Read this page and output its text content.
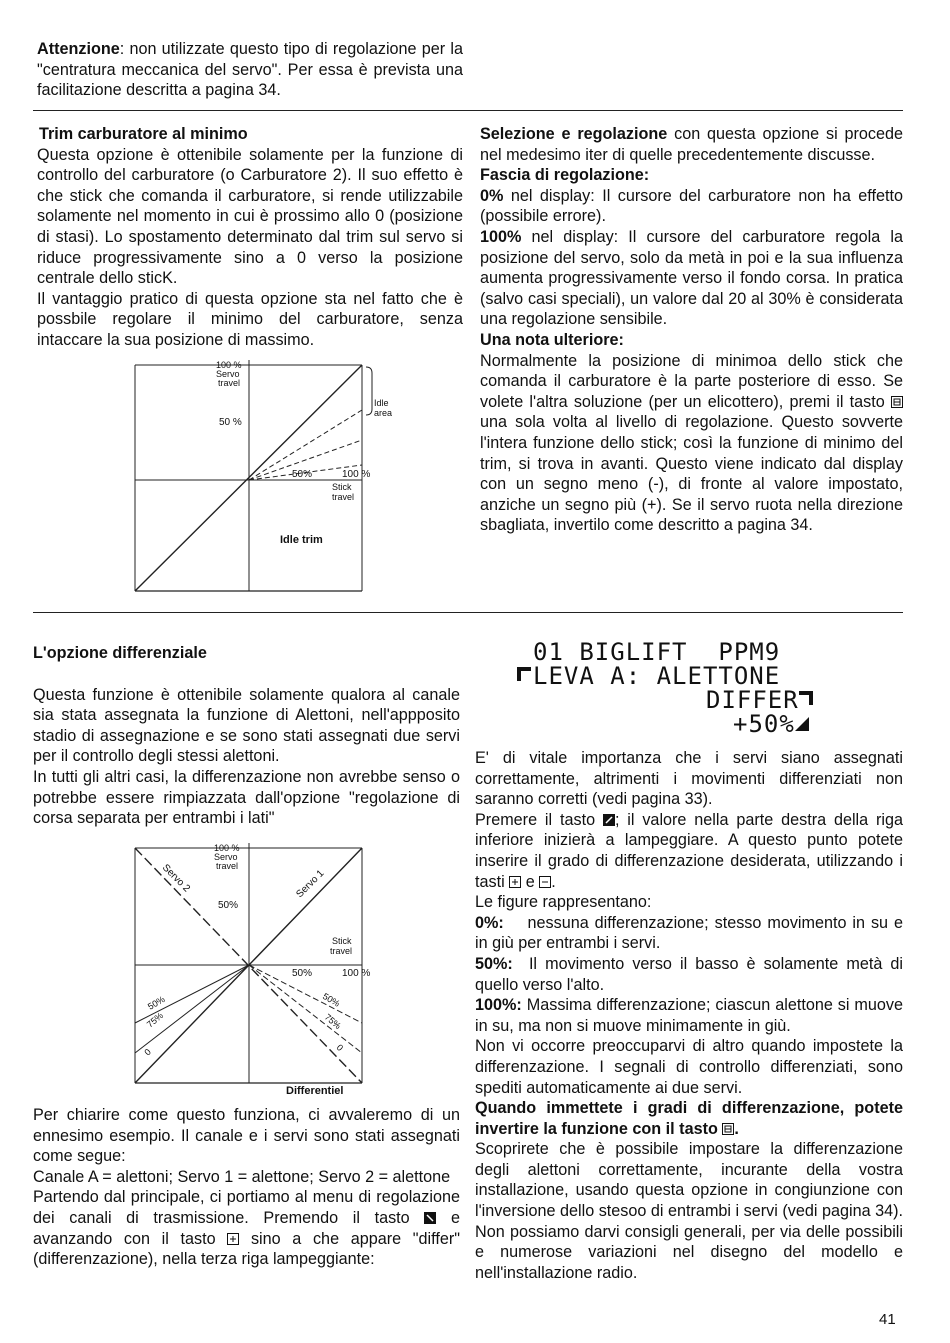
Attenzione: non utilizzate questo tipo di regolazione per la "centratura meccanica del servo". Per essa è prevista una facilitazione descritta a pagina 34.

Trim carburatore al minimo

Questa opzione è ottenibile solamente per la funzione di controllo del carburatore (o Carburatore 2). Il suo effetto è che stick che comanda il carburatore, si rende utilizzabile solamente nel momento in cui è prossimo allo 0 (posizione di stasi). Lo spostamento determinato dal trim sul servo si riduce progressivamente sino a 0 verso la posizione centrale dello sticK.

Il vantaggio pratico di questa opzione sta nel fatto che è possbile regolare il minimo del carburatore, senza intaccare la sua posizione di massimo.

100 %
Servo
travel
50 %
Idle
area
50%	100 %
Stick
travel
Idle trim

Selezione e regolazione con questa opzione si procede nel medesimo iter di quelle precedentemente discusse.

Fascia di regolazione:

0% nel display: Il cursore del carburatore non ha effetto (possibile errore).

100% nel display: Il cursore del carburatore regola la posizione del servo, solo da metà in poi e la sua influenza aumenta progressivamente verso il fondo corsa. In pratica (salvo casi speciali), un valore dal 20 al 30% è considerata una regolazione sensibile.

Una nota ulteriore:

Normalmente la posizione di minimoa dello stick che comanda il carburatore è la parte posteriore di esso. Se volete l'altra soluzione (per un elicottero), premi il tasto  una sola volta al livello di regolazione. Questo sovverte l'intera funzione dello stick; così la funzione di minimo del trim, si trova in avanti. Questo viene indicato dal display con un segno meno (-), di fronte al valore impostato, anziche un segno più (+). Se il servo ruota nella direzione sbagliata, invertilo come descritto a pagina 34.

L'opzione differenziale

Questa funzione è ottenibile solamente qualora al canale sia stata assegnata la funzione di Alettoni, nell'appposito stadio di assegnazione e se sono stati assegnati due servi per il controllo degli stessi alettoni.

In tutti gli altri casi, la differenzazione non avrebbe senso o potrebbe essere rimpiazzata dall'opzione "regolazione di corsa separata per entrambi i lati"

100 %
Servo
travel
50%
Stick
travel
50%	100 %
Servo 1
Servo 2
50%
75%
0
50%
75%
0
Differentiel

Per chiarire come questo funziona, ci avvaleremo di un ennesimo esempio. Il canale e i servi sono stati assegnati come segue:

Canale A = alettoni; Servo 1 = alettone; Servo 2 = alettone

Partendo dal principale, ci portiamo al menu di regolazione dei canali di trasmissione. Premendo il tasto	e avanzando con il tasto sino a che appare "differ" (differenzazione), nella terza riga lampeggiante:

01 BIGLIFT  PPM9
LEVA A: ALETTONE
DIFFER
+50%

E' di vitale importanza che i servi siano assegnati correttamente, altrimenti i movimenti differenziati non saranno corretti (vedi pagina 33).

Premere il tasto ; il valore nella parte destra della riga inferiore inizierà a lampeggiare. A questo punto potete inserire il grado di differenzazione desiderata, utilizzando i tasti e .

Le figure rappresentano:

0%: nessuna differenzazione; stesso movimento in su e in giù per entrambi i servi.

50%: Il movimento verso il basso è solamente metà di quello verso l'alto.

100%: Massima differenzazione; ciascun alettone si muove in su, ma non si muove minimamente in giù.

Non vi occorre preoccuparvi di altro quando impostete la differenzazione. I segnali di controllo differenziati, sono spediti automaticamente ai due servi.

Quando immettete i gradi di differenzazione, potete invertire la funzione con il tasto .

Scoprirete che è possibile impostare la differenzazione degli alettoni correttamente, incurante della vostra installazione, usando questa opzione in congiunzione con l'inversione dello stesoo di entrambi i servi (vedi pagina 34). Non possiamo darvi consigli generali, per via delle possibili e numerose variazioni nel disegno del modello e nell'installazione radio.

41
